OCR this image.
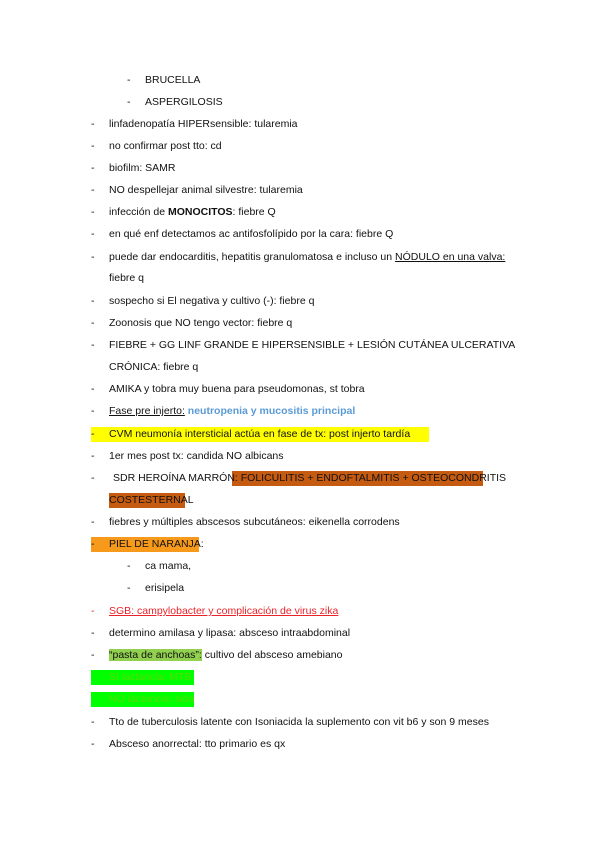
- BRUCELLA
- ASPERGILOSIS
- linfadenopatía HIPERsensible: tularemia
- no confirmar post tto: cd
- biofilm: SAMR
- NO despellejar animal silvestre: tularemia
- infección de MONOCITOS: fiebre Q
- en qué enf detectamos ac antifosfolípido por la cara: fiebre Q
- puede dar endocarditis, hepatitis granulomatosa e incluso un NÓDULO en una valva:
fiebre q
- sospecho si El negativa y cultivo (-): fiebre q
- Zoonosis que NO tengo vector: fiebre q
- FIEBRE + GG LINF GRANDE E HIPERSENSIBLE + LESIÓN CUTÁNEA ULCERATIVA
CRÓNICA: fiebre q
- AMIKA y tobra muy buena para pseudomonas, st tobra
- Fase pre injerto: neutropenia y mucositis principal
- CVM neumonía intersticial actúa en fase de tx: post injerto tardía
- 1er mes post tx: candida NO albicans
- SDR HEROÍNA MARRÓN: FOLICULITIS + ENDOFTALMITIS + OSTEOCONDRITIS
COSTESTERNAL
- fiebres y múltiples abscesos subcutáneos: eikenella corrodens
- PIEL DE NARANJA:
- ca mama,
- erisipela
- SGB: campylobacter y complicación de virus zika
- determino amilasa y lipasa: absceso intraabdominal
- “pasta de anchoas”: cultivo del absceso amebiano
SI lactancia: MTB
NO lactancia: sida
- Tto de tuberculosis latente con Isoniacida la suplemento con vit b6 y son 9 meses
- Absceso anorrectal: tto primario es qx
